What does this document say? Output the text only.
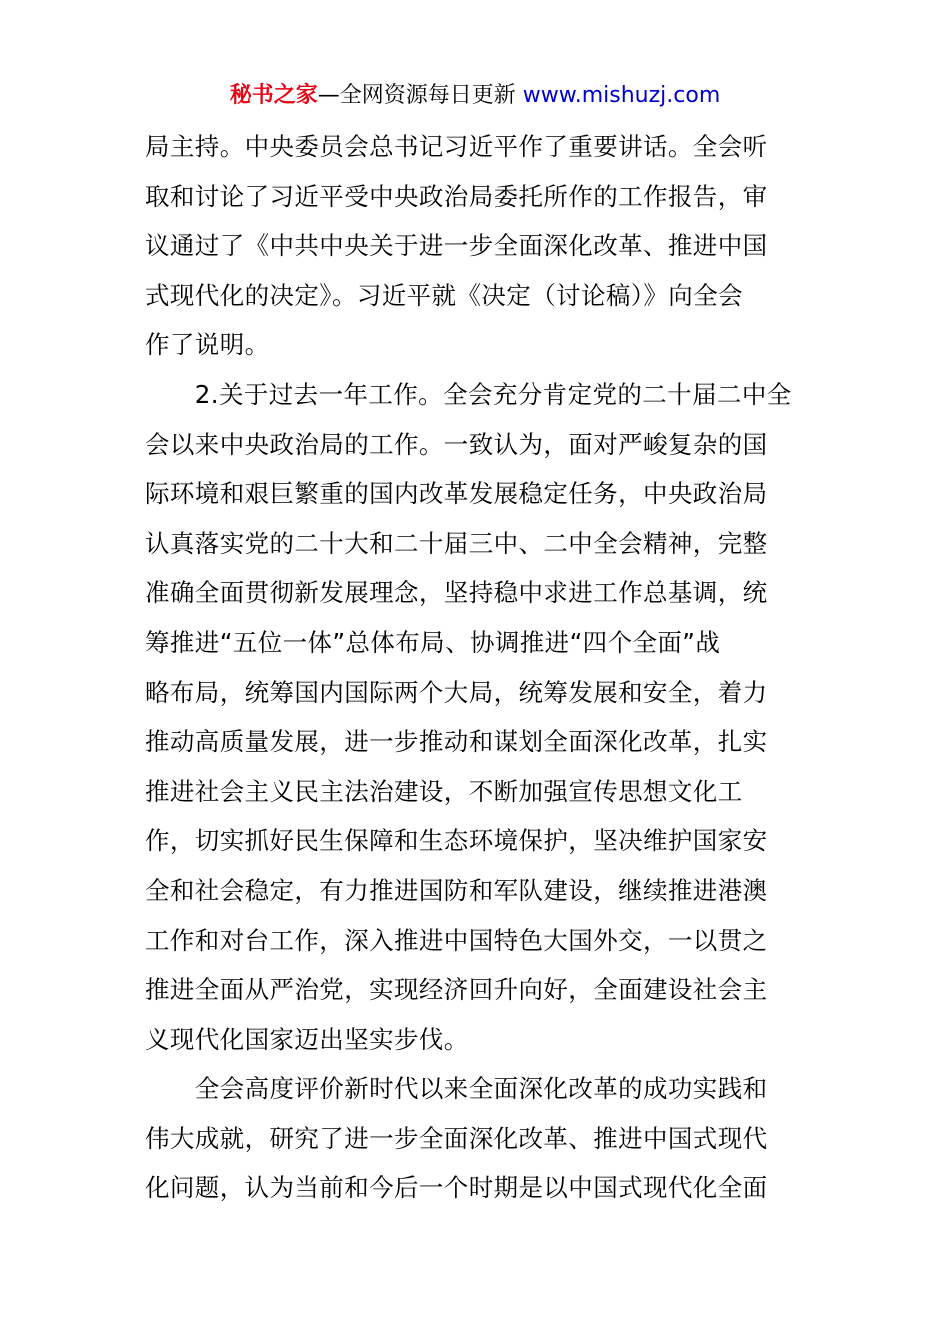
秘书之家—全网资源每日更新 www.mishuzj.com
局主持。中央委员会总书记习近平作了重要讲话。全会听
取和讨论了习近平受中央政治局委托所作的工作报告，审
议通过了《中共中央关于进一步全面深化改革、推进中国
式现代化的决定》。习近平就《决定（讨论稿）》向全会
作了说明。
　　2.关于过去一年工作。全会充分肯定党的二十届二中全
会以来中央政治局的工作。一致认为，面对严峻复杂的国
际环境和艰巨繁重的国内改革发展稳定任务，中央政治局
认真落实党的二十大和二十届三中、二中全会精神，完整
准确全面贯彻新发展理念，坚持稳中求进工作总基调，统
筹推进“五位一体”总体布局、协调推进“四个全面”战
略布局，统筹国内国际两个大局，统筹发展和安全，着力
推动高质量发展，进一步推动和谋划全面深化改革，扎实
推进社会主义民主法治建设，不断加强宣传思想文化工
作，切实抓好民生保障和生态环境保护，坚决维护国家安
全和社会稳定，有力推进国防和军队建设，继续推进港澳
工作和对台工作，深入推进中国特色大国外交，一以贯之
推进全面从严治党，实现经济回升向好，全面建设社会主
义现代化国家迈出坚实步伐。
　　全会高度评价新时代以来全面深化改革的成功实践和
伟大成就，研究了进一步全面深化改革、推进中国式现代
化问题，认为当前和今后一个时期是以中国式现代化全面
